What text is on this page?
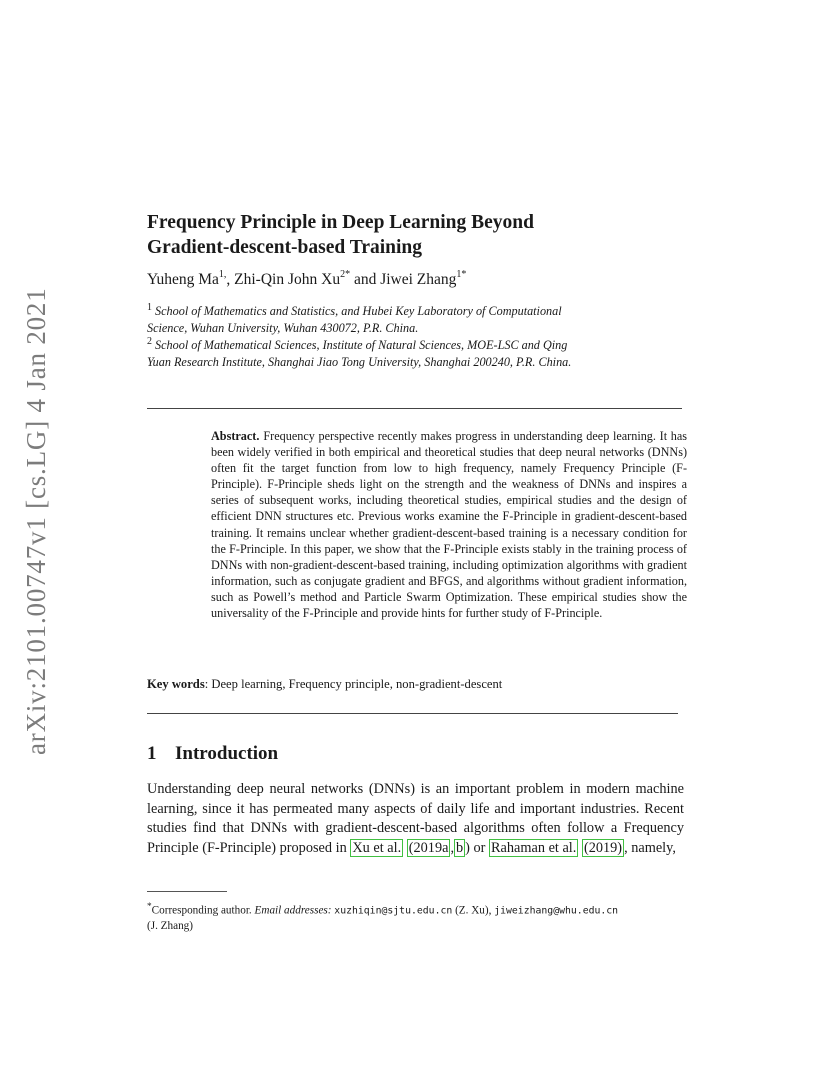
arXiv:2101.00747v1 [cs.LG] 4 Jan 2021
Frequency Principle in Deep Learning Beyond
Gradient-descent-based Training
Yuheng $Ma^{1,}$, Zhi-Qin John $Xu^{2*}$ and Jiwei Zhang$^{1*}$
$^1$ School of Mathematics and Statistics, and Hubei Key Laboratory of Computational Science, Wuhan University, Wuhan 430072, P.R. China.
$^2$ School of Mathematical Sciences, Institute of Natural Sciences, MOE-LSC and Qing Yuan Research Institute, Shanghai Jiao Tong University, Shanghai 200240, P.R. China.
Abstract. Frequency perspective recently makes progress in understanding deep learning. It has been widely verified in both empirical and theoretical studies that deep neural networks (DNNs) often fit the target function from low to high frequency, namely Frequency Principle (F-Principle). F-Principle sheds light on the strength and the weakness of DNNs and inspires a series of subsequent works, including theoretical studies, empirical studies and the design of efficient DNN structures etc. Previous works examine the F-Principle in gradient-descent-based training. It remains unclear whether gradient-descent-based training is a necessary condition for the F-Principle. In this paper, we show that the F-Principle exists stably in the training process of DNNs with non-gradient-descent-based training, including optimization algorithms with gradient information, such as conjugate gradient and BFGS, and algorithms without gradient information, such as Powell’s method and Particle Swarm Optimization. These empirical studies show the universality of the F-Principle and provide hints for further study of F-Principle.
Key words: Deep learning, Frequency principle, non-gradient-descent
1 Introduction
Understanding deep neural networks (DNNs) is an important problem in modern machine learning, since it has permeated many aspects of daily life and important industries. Recent studies find that DNNs with gradient-descent-based algorithms often follow a Frequency Principle (F-Principle) proposed in Xu et al. (2019a , b ) or Rahaman et al. (2019) , namely,
*Corresponding author. Email addresses: xuzhiqin@sjtu.edu.cn (Z. Xu), jiweizhang@whu.edu.cn
(J. Zhang)
